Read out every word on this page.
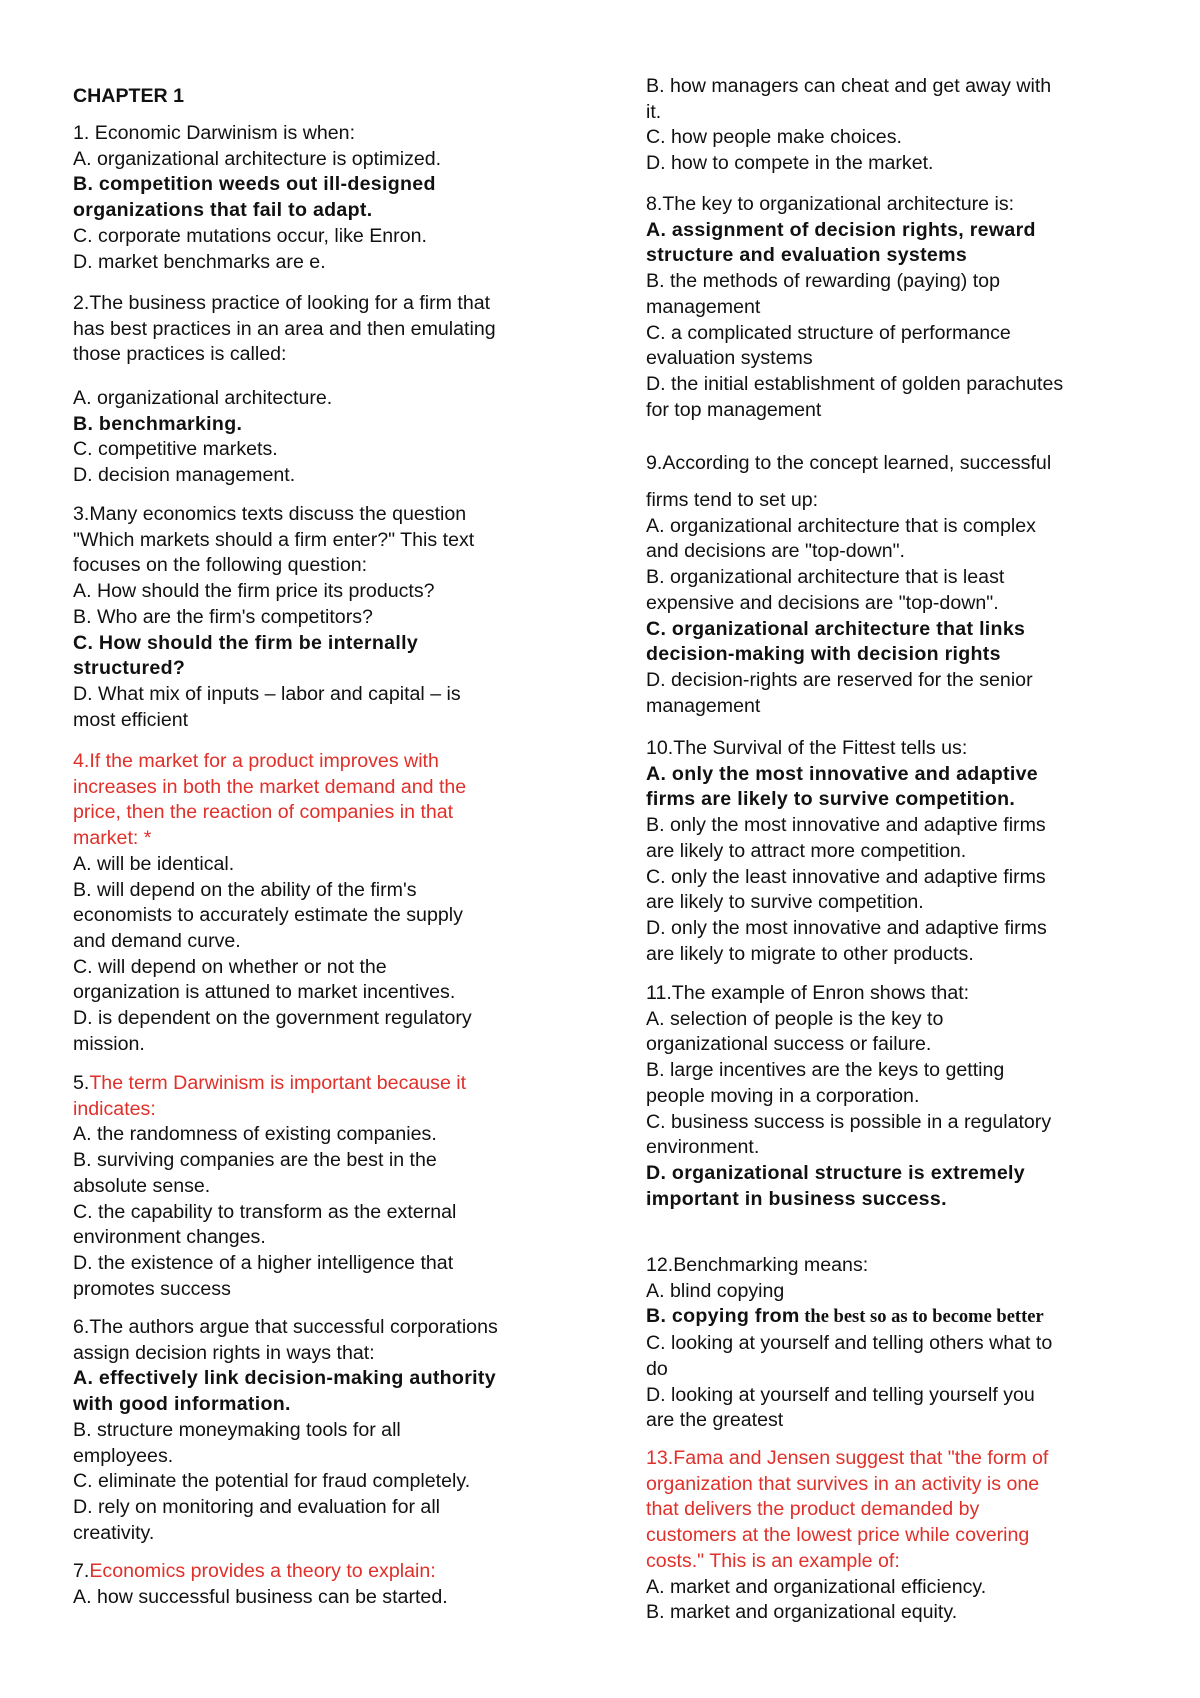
CHAPTER 1
1. Economic Darwinism is when:
A. organizational architecture is optimized.
B. competition weeds out ill-designed
organizations that fail to adapt.
C. corporate mutations occur, like Enron.
D. market benchmarks are e.
2.The business practice of looking for a firm that
has best practices in an area and then emulating
those practices is called:
A. organizational architecture.
B. benchmarking.
C. competitive markets.
D. decision management.
3.Many economics texts discuss the question
"Which markets should a firm enter?" This text
focuses on the following question:
A. How should the firm price its products?
B. Who are the firm's competitors?
C. How should the firm be internally
structured?
D. What mix of inputs – labor and capital – is
most efficient
4.If the market for a product improves with
increases in both the market demand and the
price, then the reaction of companies in that
market: *
A. will be identical.
B. will depend on the ability of the firm's
economists to accurately estimate the supply
and demand curve.
C. will depend on whether or not the
organization is attuned to market incentives.
D. is dependent on the government regulatory
mission.
5.The term Darwinism is important because it
indicates:
A. the randomness of existing companies.
B. surviving companies are the best in the
absolute sense.
C. the capability to transform as the external
environment changes.
D. the existence of a higher intelligence that
promotes success
6.The authors argue that successful corporations
assign decision rights in ways that:
A. effectively link decision-making authority
with good information.
B. structure moneymaking tools for all
employees.
C. eliminate the potential for fraud completely.
D. rely on monitoring and evaluation for all
creativity.
7.Economics provides a theory to explain:
A. how successful business can be started.
B. how managers can cheat and get away with
it.
C. how people make choices.
D. how to compete in the market.
8.The key to organizational architecture is:
A. assignment of decision rights, reward
structure and evaluation systems
B. the methods of rewarding (paying) top
management
C. a complicated structure of performance
evaluation systems
D. the initial establishment of golden parachutes
for top management
9.According to the concept learned, successful
firms tend to set up:
A. organizational architecture that is complex
and decisions are "top-down".
B. organizational architecture that is least
expensive and decisions are "top-down".
C. organizational architecture that links
decision-making with decision rights
D. decision-rights are reserved for the senior
management
10.The Survival of the Fittest tells us:
A. only the most innovative and adaptive
firms are likely to survive competition.
B. only the most innovative and adaptive firms
are likely to attract more competition.
C. only the least innovative and adaptive firms
are likely to survive competition.
D. only the most innovative and adaptive firms
are likely to migrate to other products.
11.The example of Enron shows that:
A. selection of people is the key to
organizational success or failure.
B. large incentives are the keys to getting
people moving in a corporation.
C. business success is possible in a regulatory
environment.
D. organizational structure is extremely
important in business success.
12.Benchmarking means:
A. blind copying
B. copying from the best so as to become better
C. looking at yourself and telling others what to
do
D. looking at yourself and telling yourself you
are the greatest
13.Fama and Jensen suggest that "the form of
organization that survives in an activity is one
that delivers the product demanded by
customers at the lowest price while covering
costs." This is an example of:
A. market and organizational efficiency.
B. market and organizational equity.
